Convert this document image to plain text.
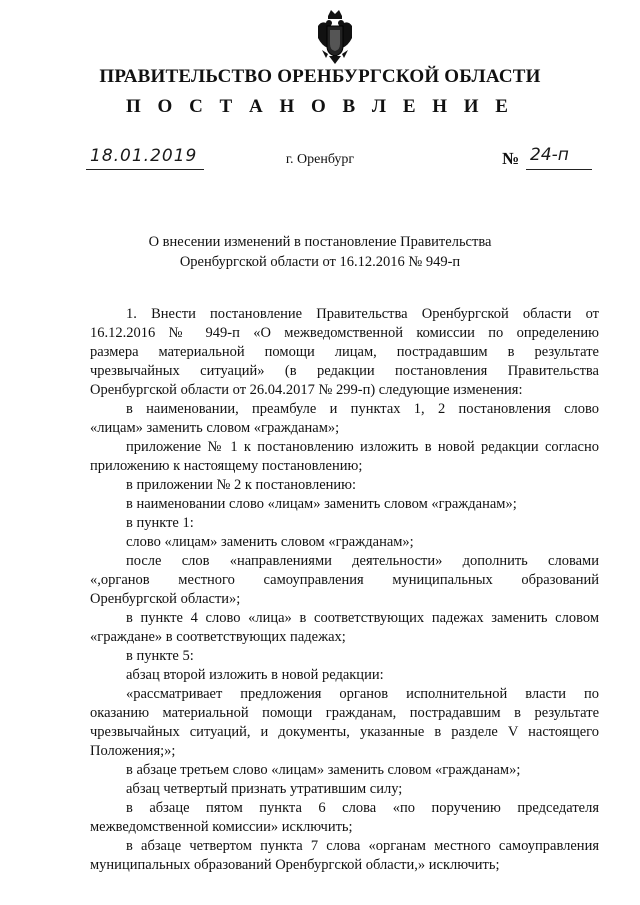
ПРАВИТЕЛЬСТВО ОРЕНБУРГСКОЙ ОБЛАСТИ
П О С Т А Н О В Л Е Н И Е
18.01.2019	г. Оренбург	№ 24-п

О внесении изменений в постановление Правительства

Оренбургской области от 16.12.2016 № 949-п

1. Внести постановление Правительства Оренбургской области от
16.12.2016 № 949-п «О межведомственной комиссии по определению
размера материальной помощи лицам, пострадавшим в результате
чрезвычайных ситуаций» (в редакции постановления Правительства
Оренбургской области от 26.04.2017 № 299-п) следующие изменения:
в наименовании, преамбуле и пунктах 1, 2 постановления слово
«лицам» заменить словом «гражданам»;
приложение № 1 к постановлению изложить в новой редакции согласно
приложению к настоящему постановлению;
в приложении № 2 к постановлению:
в наименовании слово «лицам» заменить словом «гражданам»;
в пункте 1:
слово «лицам» заменить словом «гражданам»;
после слов «направлениями деятельности» дополнить словами
«,органов местного самоуправления муниципальных образований
Оренбургской области»;
в пункте 4 слово «лица» в соответствующих падежах заменить словом
«граждане» в соответствующих падежах;
в пункте 5:
абзац второй изложить в новой редакции:
«рассматривает предложения органов исполнительной власти по
оказанию материальной помощи гражданам, пострадавшим в результате
чрезвычайных ситуаций, и документы, указанные в разделе V настоящего
Положения;»;
в абзаце третьем слово «лицам» заменить словом «гражданам»;
абзац четвертый признать утратившим силу;
в абзаце пятом пункта 6 слова «по поручению председателя
межведомственной комиссии» исключить;
в абзаце четвертом пункта 7 слова «органам местного самоуправления
муниципальных образований Оренбургской области,» исключить;
